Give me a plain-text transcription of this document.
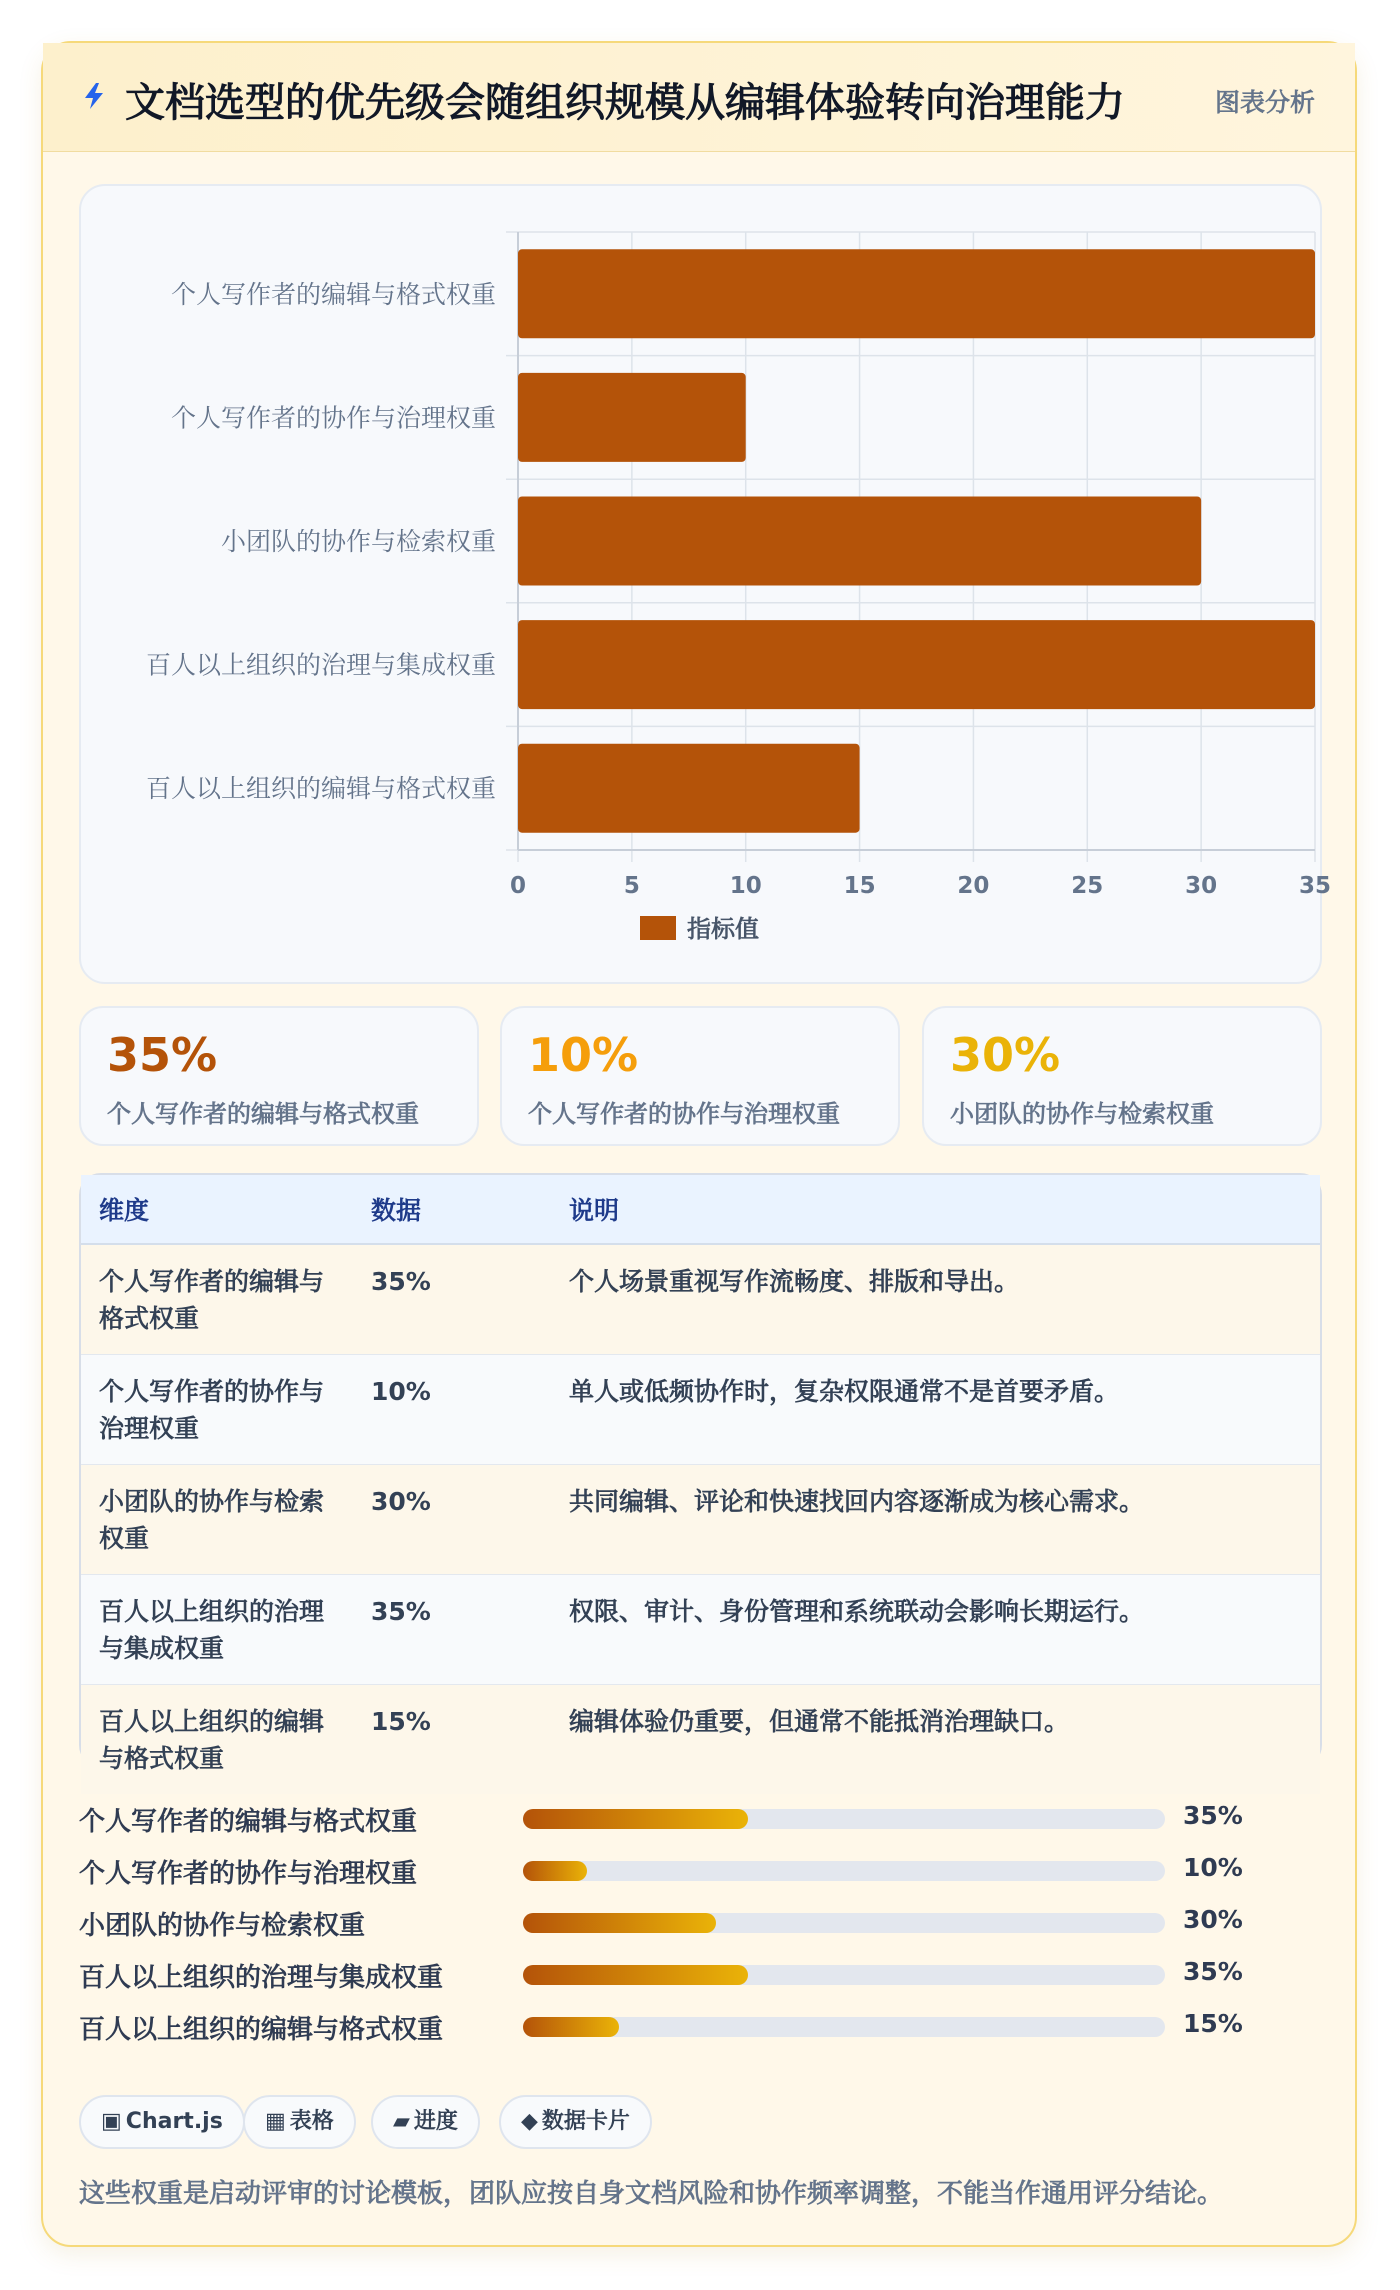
文档选型的优先级会随组织规模从编辑体验转向治理能力	图表分析
0	5	10	15	20	25	30	35
个人写作者的编辑与格式权重
个人写作者的协作与治理权重
小团队的协作与检索权重
百人以上组织的治理与集成权重
百人以上组织的编辑与格式权重
指标值
35%
个人写作者的编辑与格式权重
10%
个人写作者的协作与治理权重
30%
小团队的协作与检索权重
维度	数据	说明
个人写作者的编辑与格式权重	35%	个人场景重视写作流畅度、排版和导出。
个人写作者的协作与治理权重	10%	单人或低频协作时，复杂权限通常不是首要矛盾。
小团队的协作与检索权重	30%	共同编辑、评论和快速找回内容逐渐成为核心需求。
百人以上组织的治理与集成权重	35%	权限、审计、身份管理和系统联动会影响长期运行。
百人以上组织的编辑与格式权重	15%	编辑体验仍重要，但通常不能抵消治理缺口。
个人写作者的编辑与格式权重	35%
个人写作者的协作与治理权重	10%
小团队的协作与检索权重	30%
百人以上组织的治理与集成权重	35%
百人以上组织的编辑与格式权重	15%
▣ Chart.js	▦ 表格	▰ 进度	◆ 数据卡片
这些权重是启动评审的讨论模板，团队应按自身文档风险和协作频率调整，不能当作通用评分结论。
